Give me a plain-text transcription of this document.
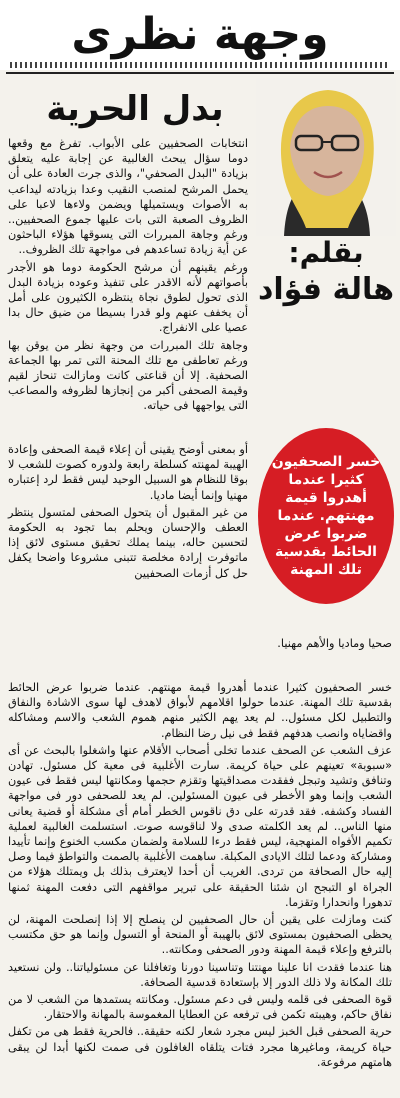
وجهة نظرى
بدل الحرية
بقلم:
هالة فؤاد

انتخابات الصحفيين على الأبواب. تفرغ مع وقعها دوما سؤال يبحث الغالبية عن إجابة عليه يتعلق بزيادة "البدل الصحفي"، والذى جرت العادة على أن يحمل المرشح لمنصب النقيب وعدا بزيادته ليداعب به الأصوات ويستميلها ويضمن ولاءها لاعبا على الظروف الصعبة التى بات عليها جموع الصحفيين.. ورغم وجاهة المبررات التى يسوقها هؤلاء الباحثون عن أية زيادة تساعدهم فى مواجهة تلك الظروف..

ورغم يقينهم أن مرشح الحكومة دوما هو الأجدر بأصواتهم لأنه الاقدر على تنفيذ وعوده بزيادة البدل الذى تحول لطوق نجاة ينتظره الكثيرون على أمل أن يخفف عنهم ولو قدرا بسيطا من ضيق حال بدا عصيا على الانفراج.

وجاهة تلك المبررات من وجهة نظر من يوقن بها ورغم تعاطفى مع تلك المحنة التى تمر بها الجماعة الصحفية. إلا أن قناعتى كانت ومازالت تنحاز لقيم وقيمة الصحفى أكبر من إنجازها لظروفه والمصاعب التى يواجهها فى حياته.

خسر الصحفيون كثيرا عندما أهدروا قيمة مهنتهم. عندما ضربوا عرض الحائط بقدسية تلك المهنة

أو بمعنى أوضح يقينى أن إعلاء قيمة الصحفى وإعادة الهيبة لمهنته كسلطة رابعة ولدوره كصوت للشعب لا بوقا للنظام هو السبيل الوحيد ليس فقط لرد إعتباره مهنيا وإنما أيضا ماديا.

من غير المقبول أن يتحول الصحفى لمتسول ينتظر العطف والإحسان ويحلم بما تجود به الحكومة لتحسين حاله، بينما يملك تحقيق مستوى لائق إذا ماتوفرت إرادة مخلصة تتبنى مشروعا واضحا يكفل حل كل أزمات الصحفيين

صحيا وماديا والأهم مهنيا.

خسر الصحفيون كثيرا عندما أهدروا قيمة مهنتهم. عندما ضربوا عرض الحائط بقدسية تلك المهنة. عندما حولوا اقلامهم لأبواق لاهدف لها سوى الاشادة والنفاق والتطبيل لكل مسئول.. لم يعد يهم الكثير منهم هموم الشعب والاسم ومشاكله واقضاياه وانصب هدفهم فقط فى نيل رضا النظام.

عزف الشعب عن الصحف عندما تخلى أصحاب الأقلام عنها واشغلوا بالبحث عن أى «سبوبة» تعينهم على حياة كريمة. سارت الأغلبية فى معية كل مسئول. تهادن وتنافق وتشيد وتبجل ففقدت مصداقيتها وتقزم حجمها ومكانتها ليس فقط فى عيون الشعب وإنما وهو الأخطر فى عيون المسئولين. لم يعد للصحفى دور فى مواجهة الفساد وكشفه. فقد قدرته على دق ناقوس الخطر أمام أى مشكلة أو قضية يعانى منها الناس.. لم يعد الكلمته صدى ولا لناقوسه صوت. استسلمت الغالبية لعملية تكميم الأفواه المنهجية، ليس فقط درءا للسلامة ولضمان مكسب الخنوع وإنما تأييدا ومشاركة ودعما لتلك الايادى المكبلة. ساهمت الأغلبية بالصمت والتواطؤ فيما وصل إليه حال الصحافة من تردى. الغريب أن أحدا لايعترف بذلك بل ويمتلك هؤلاء من الجراة او التبجح ان شئنا الحقيقة على تبرير مواقفهم التى دفعت المهنة ثمنها تدهورا وانحدارا وتقزما.

كنت ومازلت على يقين أن حال الصحفيين لن ينصلح إلا إذا إنصلحت المهنة، لن يحظى الصحفيون بمستوى لائق بالهيبة أو المنحة أو التسول وإنما هو حق مكتسب بالترفع وإعلاء قيمة المهنة ودور الصحفى ومكانته..

هنا عندما فقدت انا علينا مهنتنا وتناسينا دورنا وتغافلنا عن مسئولياتنا.. ولن نستعيد تلك المكانة ولا ذلك الدور إلا بإستعادة قدسية الصحافة.

قوة الصحفى فى قلمه وليس فى دعم مسئول. ومكانته يستمدها من الشعب لا من نفاق حاكم، وهيبته تكمن فى ترفعه عن العطايا المغموسة بالمهانة والاحتقار.

حرية الصحفى قبل الخبز ليس مجرد شعار لكنه حقيقة.. فالحرية فقط هى من تكفل حياة كريمة، وماغيرها مجرد فتات يتلقاه الغافلون فى صمت لكنها أبدا لن يبقى هامتهم مرفوعة.
